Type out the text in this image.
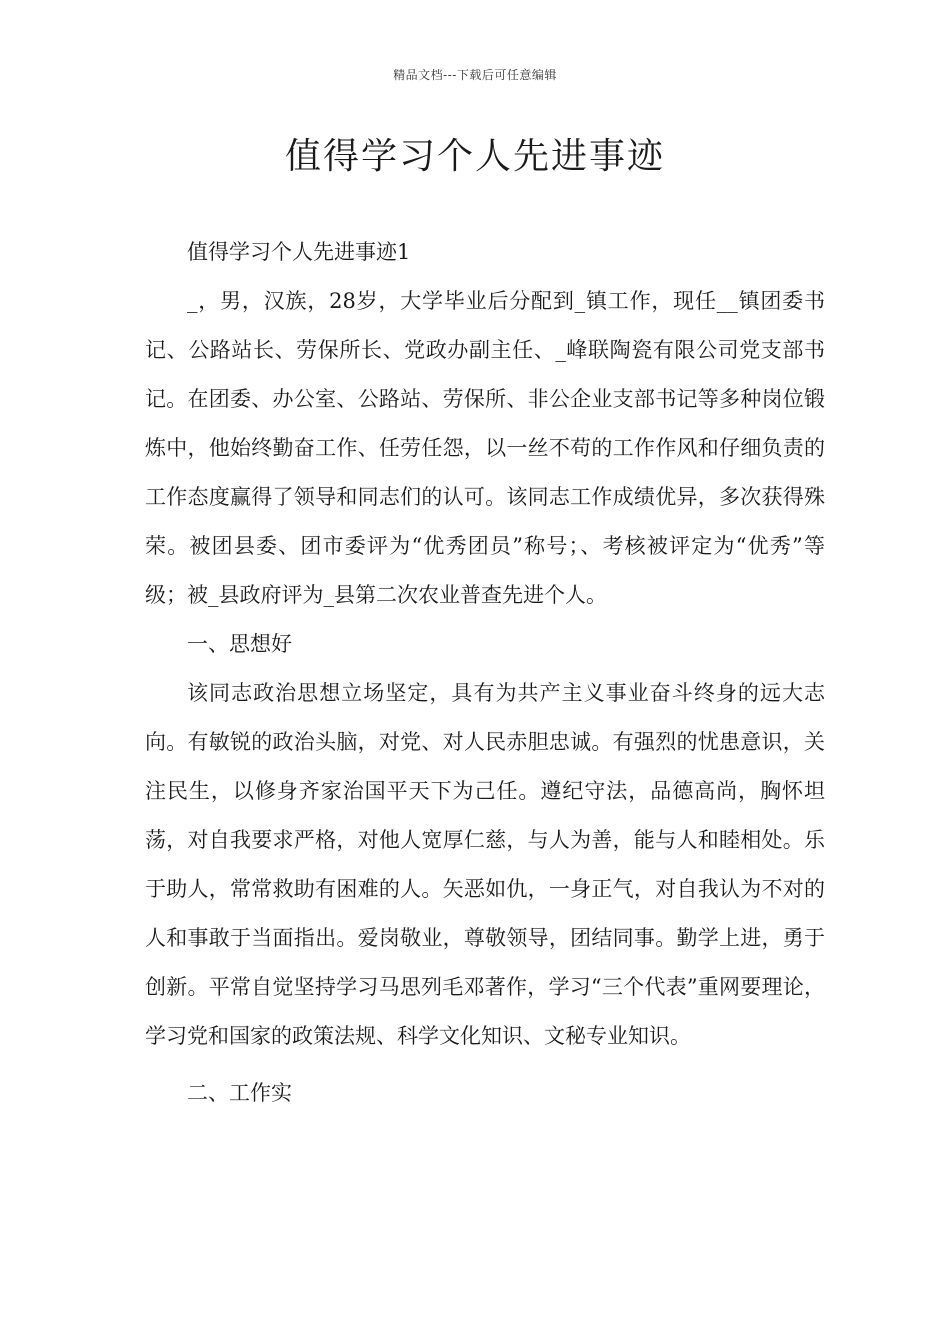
精品文档---下载后可任意编辑
值得学习个人先进事迹

值得学习个人先进事迹1

_，男，汉族，28岁，大学毕业后分配到_镇工作，现任__镇团委书记、公路站长、劳保所长、党政办副主任、_峰联陶瓷有限公司党支部书记。在团委、办公室、公路站、劳保所、非公企业支部书记等多种岗位锻炼中，他始终勤奋工作、任劳任怨，以一丝不苟的工作作风和仔细负责的工作态度赢得了领导和同志们的认可。该同志工作成绩优异，多次获得殊荣。被团县委、团市委评为“优秀团员”称号；、考核被评定为“优秀”等级；被_县政府评为_县第二次农业普查先进个人。

一、思想好

该同志政治思想立场坚定，具有为共产主义事业奋斗终身的远大志向。有敏锐的政治头脑，对党、对人民赤胆忠诚。有强烈的忧患意识，关注民生，以修身齐家治国平天下为己任。遵纪守法，品德高尚，胸怀坦荡，对自我要求严格，对他人宽厚仁慈，与人为善，能与人和睦相处。乐于助人，常常救助有困难的人。矢恶如仇，一身正气，对自我认为不对的人和事敢于当面指出。爱岗敬业，尊敬领导，团结同事。勤学上进，勇于创新。平常自觉坚持学习马思列毛邓著作，学习“三个代表”重网要理论，学习党和国家的政策法规、科学文化知识、文秘专业知识。

二、工作实
